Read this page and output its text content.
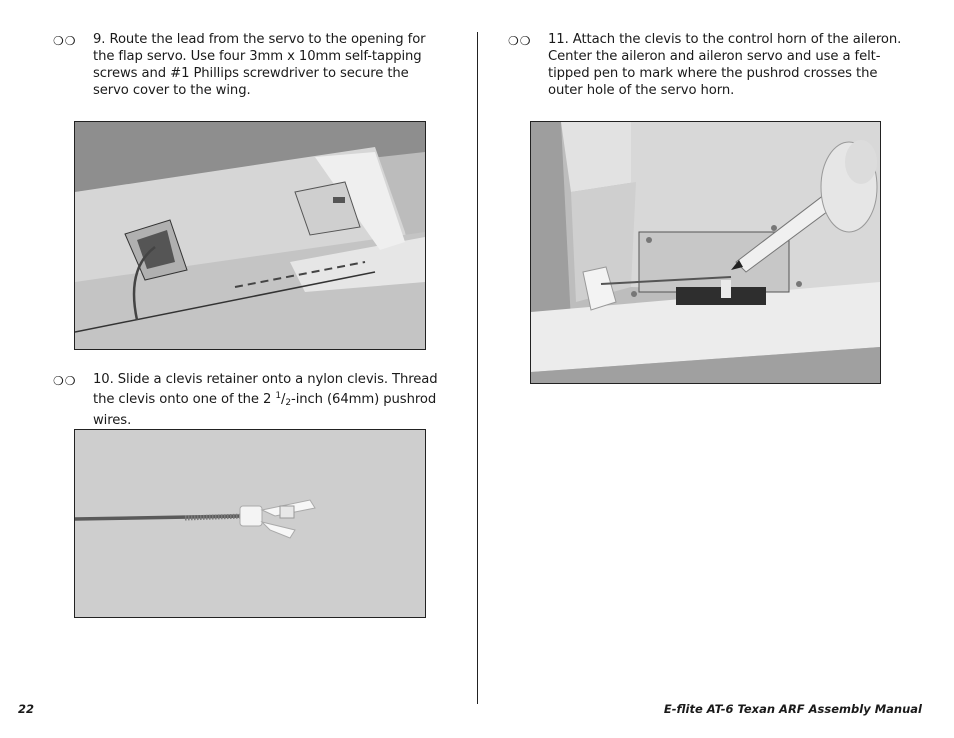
❍❍	9. Route the lead from the servo to the opening for the flap servo. Use four 3mm x 10mm self-tapping screws and #1 Phillips screwdriver to secure the servo cover to the wing.
❍❍	10. Slide a clevis retainer onto a nylon clevis. Thread the clevis onto one of the 2 $^1/_2$-inch (64mm) pushrod wires.
❍❍	11. Attach the clevis to the control horn of the aileron. Center the aileron and aileron servo and use a felt-tipped pen to mark where the pushrod crosses the outer hole of the servo horn.
22	E-flite AT-6 Texan ARF Assembly Manual
